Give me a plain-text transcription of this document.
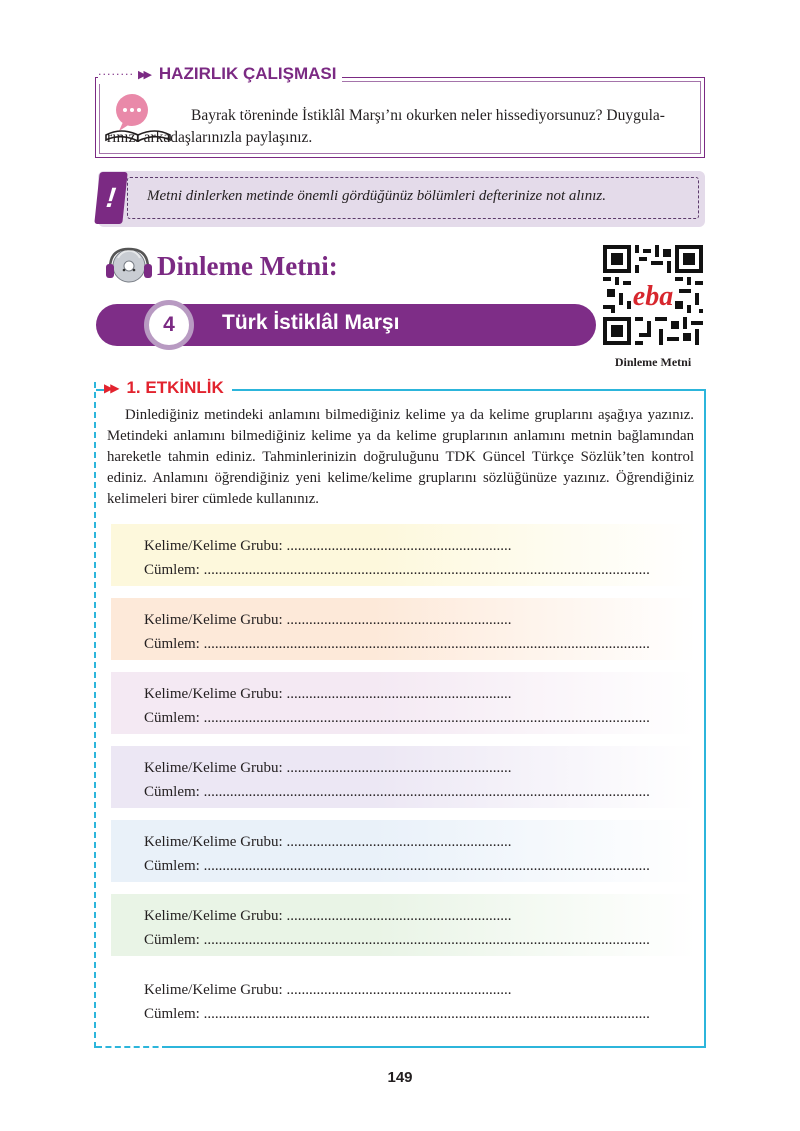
········ ▶▶ HAZIRLIK ÇALIŞMASI
Bayrak töreninde İstiklâl Marşı’nı okurken neler hissediyorsunuz? Duygula-
rınızı arkadaşlarınızla paylaşınız.
!	Metni dinlerken metinde önemli gördüğünüz bölümleri defterinize not alınız.
Dinleme Metni:
4	Türk İstiklâl Marşı
eba
Dinleme Metni
▶▶ 1. ETKİNLİK
Dinlediğiniz metindeki anlamını bilmediğiniz kelime ya da kelime gruplarını aşağıya yazınız. Metindeki anlamını bilmediğiniz kelime ya da kelime gruplarının anlamını metnin bağlamından hareketle tahmin ediniz. Tahminlerinizin doğruluğunu TDK Güncel Türkçe Sözlük’ten kontrol ediniz. Anlamını öğrendiğiniz yeni kelime/kelime gruplarını sözlüğünüze yazınız. Öğrendiğiniz kelimeleri birer cümlede kullanınız.
Kelime/Kelime Grubu: ............................................................
Cümlem: .......................................................................................................................
Kelime/Kelime Grubu: ............................................................
Cümlem: .......................................................................................................................
Kelime/Kelime Grubu: ............................................................
Cümlem: .......................................................................................................................
Kelime/Kelime Grubu: ............................................................
Cümlem: .......................................................................................................................
Kelime/Kelime Grubu: ............................................................
Cümlem: .......................................................................................................................
Kelime/Kelime Grubu: ............................................................
Cümlem: .......................................................................................................................
Kelime/Kelime Grubu: ............................................................
Cümlem: .......................................................................................................................
149
